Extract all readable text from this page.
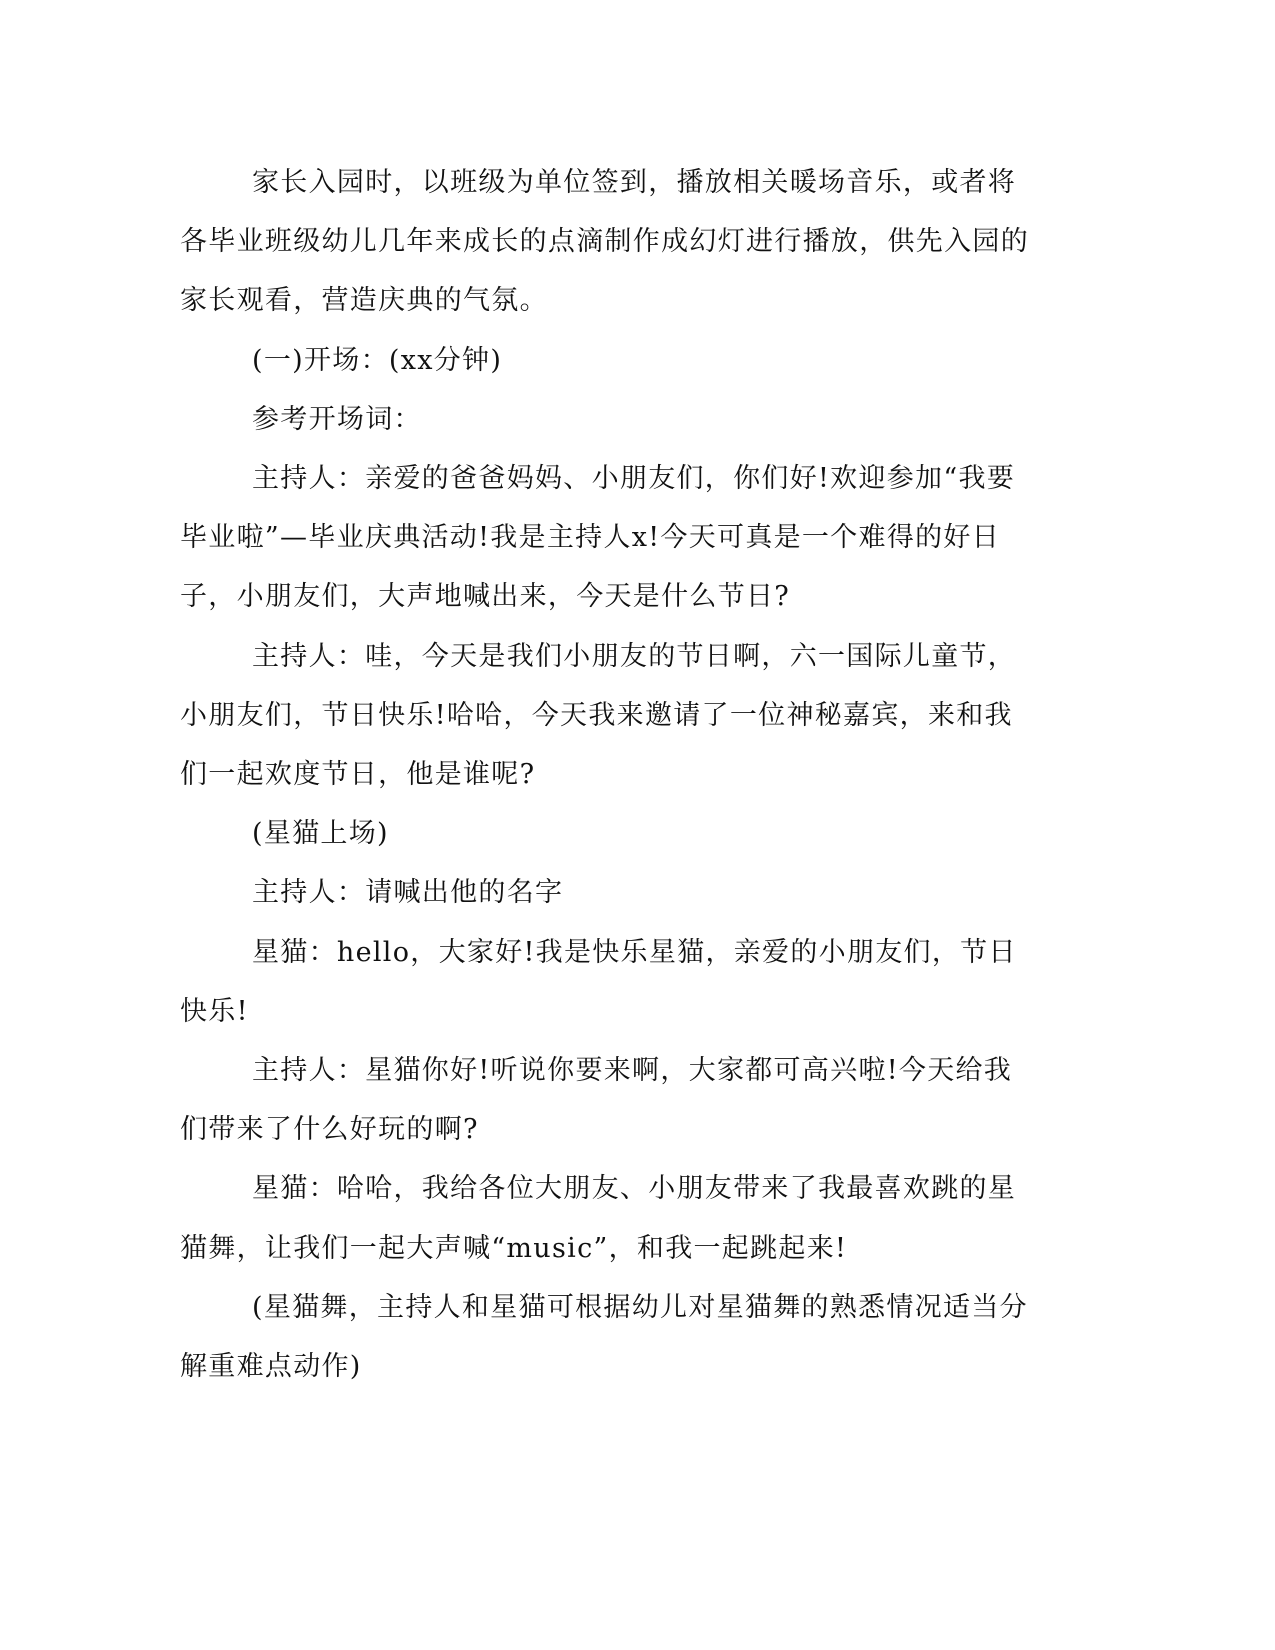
家长入园时，以班级为单位签到，播放相关暖场音乐，或者将各毕业班级幼儿几年来成长的点滴制作成幻灯进行播放，供先入园的家长观看，营造庆典的气氛。

(一)开场：(xx分钟)

参考开场词：

主持人：亲爱的爸爸妈妈、小朋友们，你们好!欢迎参加“我要毕业啦”—毕业庆典活动!我是主持人x!今天可真是一个难得的好日子，小朋友们，大声地喊出来，今天是什么节日?

主持人：哇，今天是我们小朋友的节日啊，六一国际儿童节，小朋友们，节日快乐!哈哈，今天我来邀请了一位神秘嘉宾，来和我们一起欢度节日，他是谁呢?

(星猫上场)

主持人：请喊出他的名字

星猫：hello，大家好!我是快乐星猫，亲爱的小朋友们，节日快乐!

主持人：星猫你好!听说你要来啊，大家都可高兴啦!今天给我们带来了什么好玩的啊?

星猫：哈哈，我给各位大朋友、小朋友带来了我最喜欢跳的星猫舞，让我们一起大声喊“music”，和我一起跳起来!

(星猫舞，主持人和星猫可根据幼儿对星猫舞的熟悉情况适当分解重难点动作)
